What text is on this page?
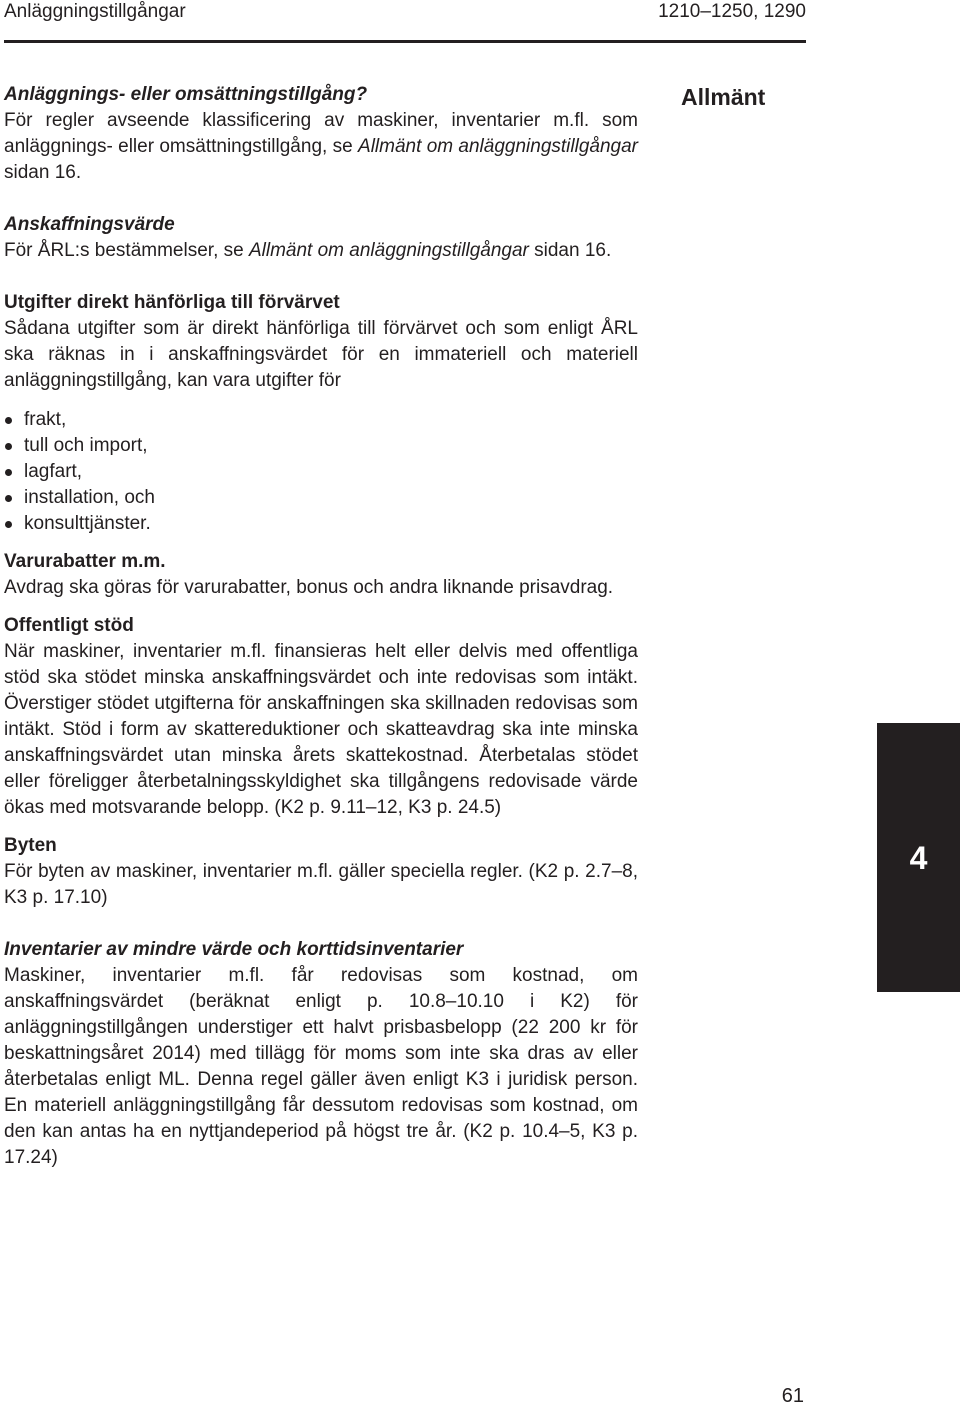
Anläggningstillgångar	1210–1250, 1290
Allmänt
4
Anläggnings- eller omsättningstillgång?
För regler avseende klassificering av maskiner, inventarier m.fl. som anläggnings- eller omsättningstillgång, se Allmänt om anläggningstillgångar sidan 16.
Anskaffningsvärde
För ÅRL:s bestämmelser, se Allmänt om anläggningstillgångar sidan 16.
Utgifter direkt hänförliga till förvärvet
Sådana utgifter som är direkt hänförliga till förvärvet och som enligt ÅRL ska räknas in i anskaffningsvärdet för en immateriell och materiell anläggningstillgång, kan vara utgifter för
frakt,
tull och import,
lagfart,
installation, och
konsulttjänster.
Varurabatter m.m.
Avdrag ska göras för varurabatter, bonus och andra liknande prisavdrag.
Offentligt stöd
När maskiner, inventarier m.fl. finansieras helt eller delvis med offentliga stöd ska stödet minska anskaffningsvärdet och inte redovisas som intäkt. Överstiger stödet utgifterna för anskaffningen ska skillnaden redovisas som intäkt. Stöd i form av skattereduktioner och skatteavdrag ska inte minska anskaffningsvärdet utan minska årets skattekostnad. Återbetalas stödet eller föreligger återbetalningsskyldighet ska tillgångens redovisade värde ökas med motsvarande belopp. (K2 p. 9.11–12, K3 p. 24.5)
Byten
För byten av maskiner, inventarier m.fl. gäller speciella regler. (K2 p. 2.7–8, K3 p. 17.10)
Inventarier av mindre värde och korttidsinventarier
Maskiner, inventarier m.fl. får redovisas som kostnad, om anskaffningsvärdet (beräknat enligt p. 10.8–10.10 i K2) för anläggningstillgången understiger ett halvt prisbasbelopp (22 200 kr för beskattningsåret 2014) med tillägg för moms som inte ska dras av eller återbetalas enligt ML. Denna regel gäller även enligt K3 i juridisk person. En materiell anläggningstillgång får dessutom redovisas som kostnad, om den kan antas ha en nyttjandeperiod på högst tre år. (K2 p. 10.4–5, K3 p. 17.24)
61
